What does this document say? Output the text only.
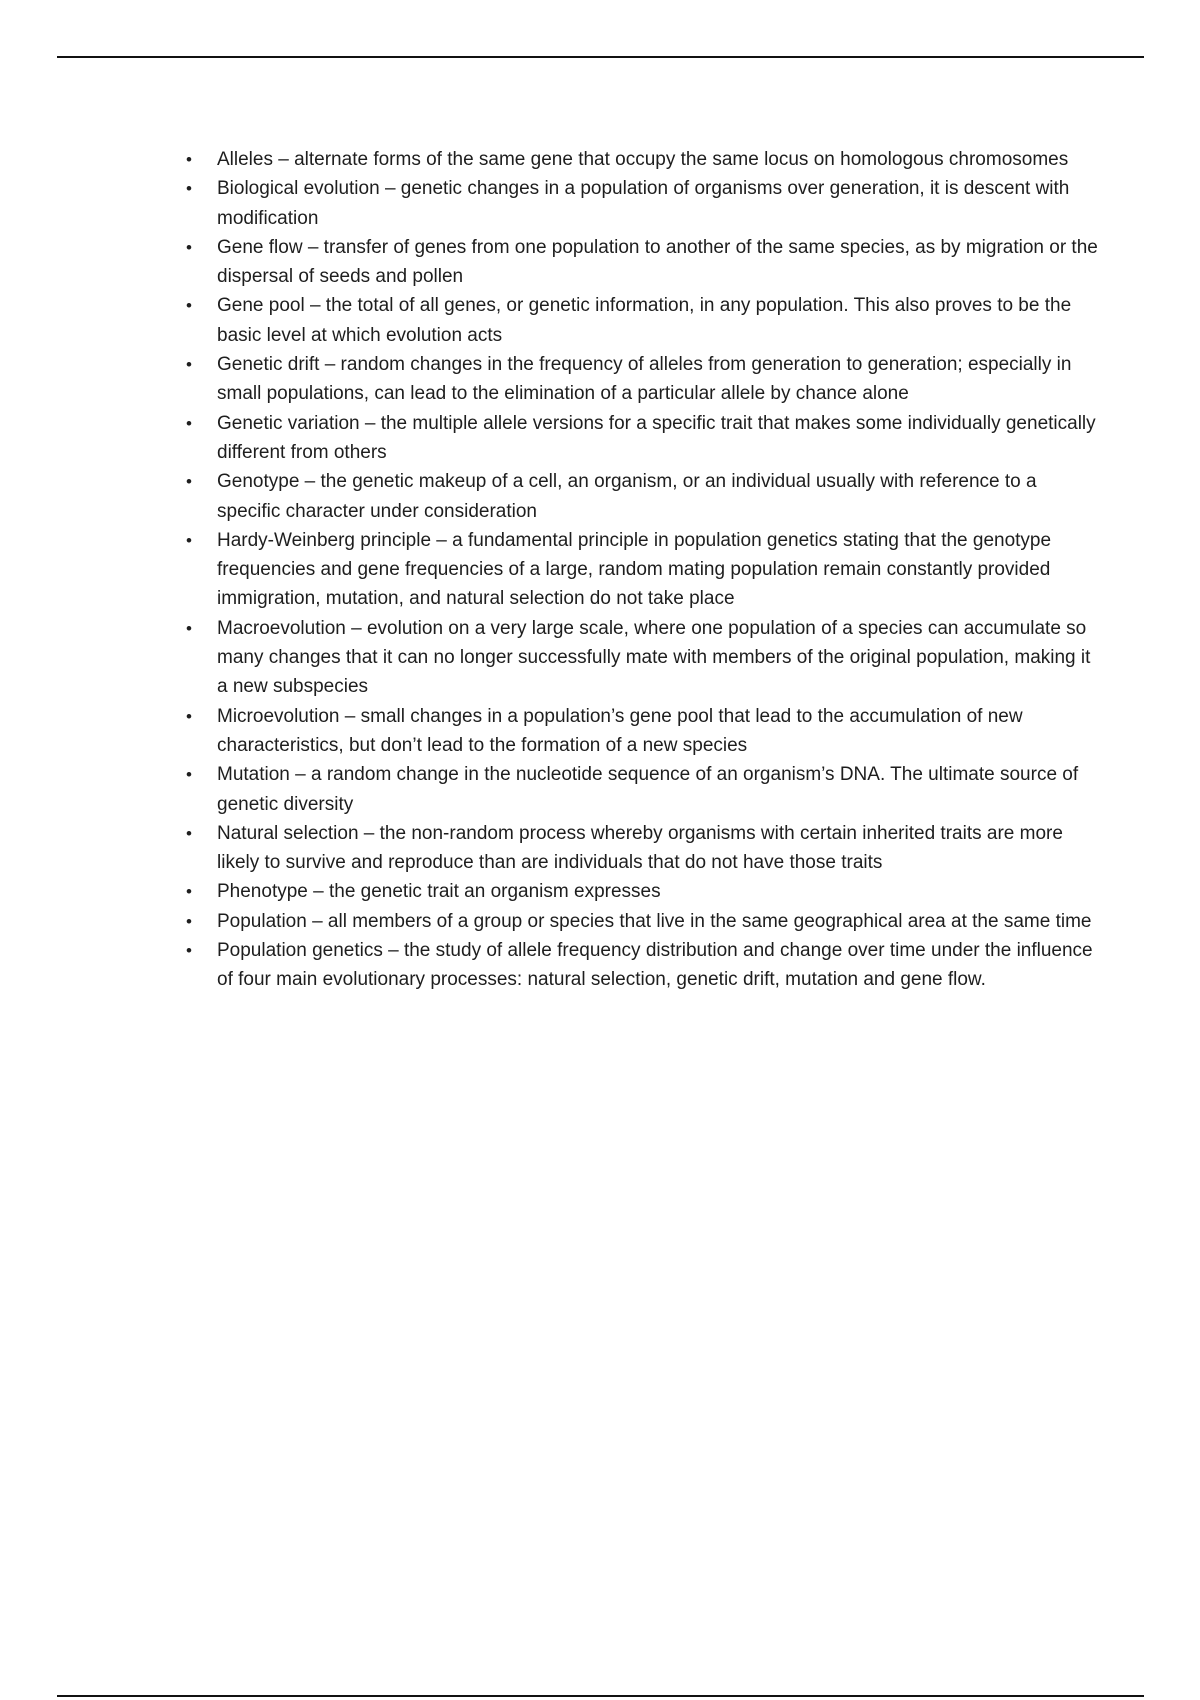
• Alleles – alternate forms of the same gene that occupy the same locus on homologous chromosomes
• Biological evolution – genetic changes in a population of organisms over generation, it is descent with modification
• Gene flow – transfer of genes from one population to another of the same species, as by migration or the dispersal of seeds and pollen
• Gene pool – the total of all genes, or genetic information, in any population. This also proves to be the basic level at which evolution acts
• Genetic drift – random changes in the frequency of alleles from generation to generation; especially in small populations, can lead to the elimination of a particular allele by chance alone
• Genetic variation – the multiple allele versions for a specific trait that makes some individually genetically different from others
• Genotype – the genetic makeup of a cell, an organism, or an individual usually with reference to a specific character under consideration
• Hardy-Weinberg principle – a fundamental principle in population genetics stating that the genotype frequencies and gene frequencies of a large, random mating population remain constantly provided immigration, mutation, and natural selection do not take place
• Macroevolution – evolution on a very large scale, where one population of a species can accumulate so many changes that it can no longer successfully mate with members of the original population, making it a new subspecies
• Microevolution – small changes in a population’s gene pool that lead to the accumulation of new characteristics, but don’t lead to the formation of a new species
• Mutation – a random change in the nucleotide sequence of an organism’s DNA. The ultimate source of genetic diversity
• Natural selection – the non-random process whereby organisms with certain inherited traits are more likely to survive and reproduce than are individuals that do not have those traits
• Phenotype – the genetic trait an organism expresses
• Population – all members of a group or species that live in the same geographical area at the same time
• Population genetics – the study of allele frequency distribution and change over time under the influence of four main evolutionary processes: natural selection, genetic drift, mutation and gene flow.
